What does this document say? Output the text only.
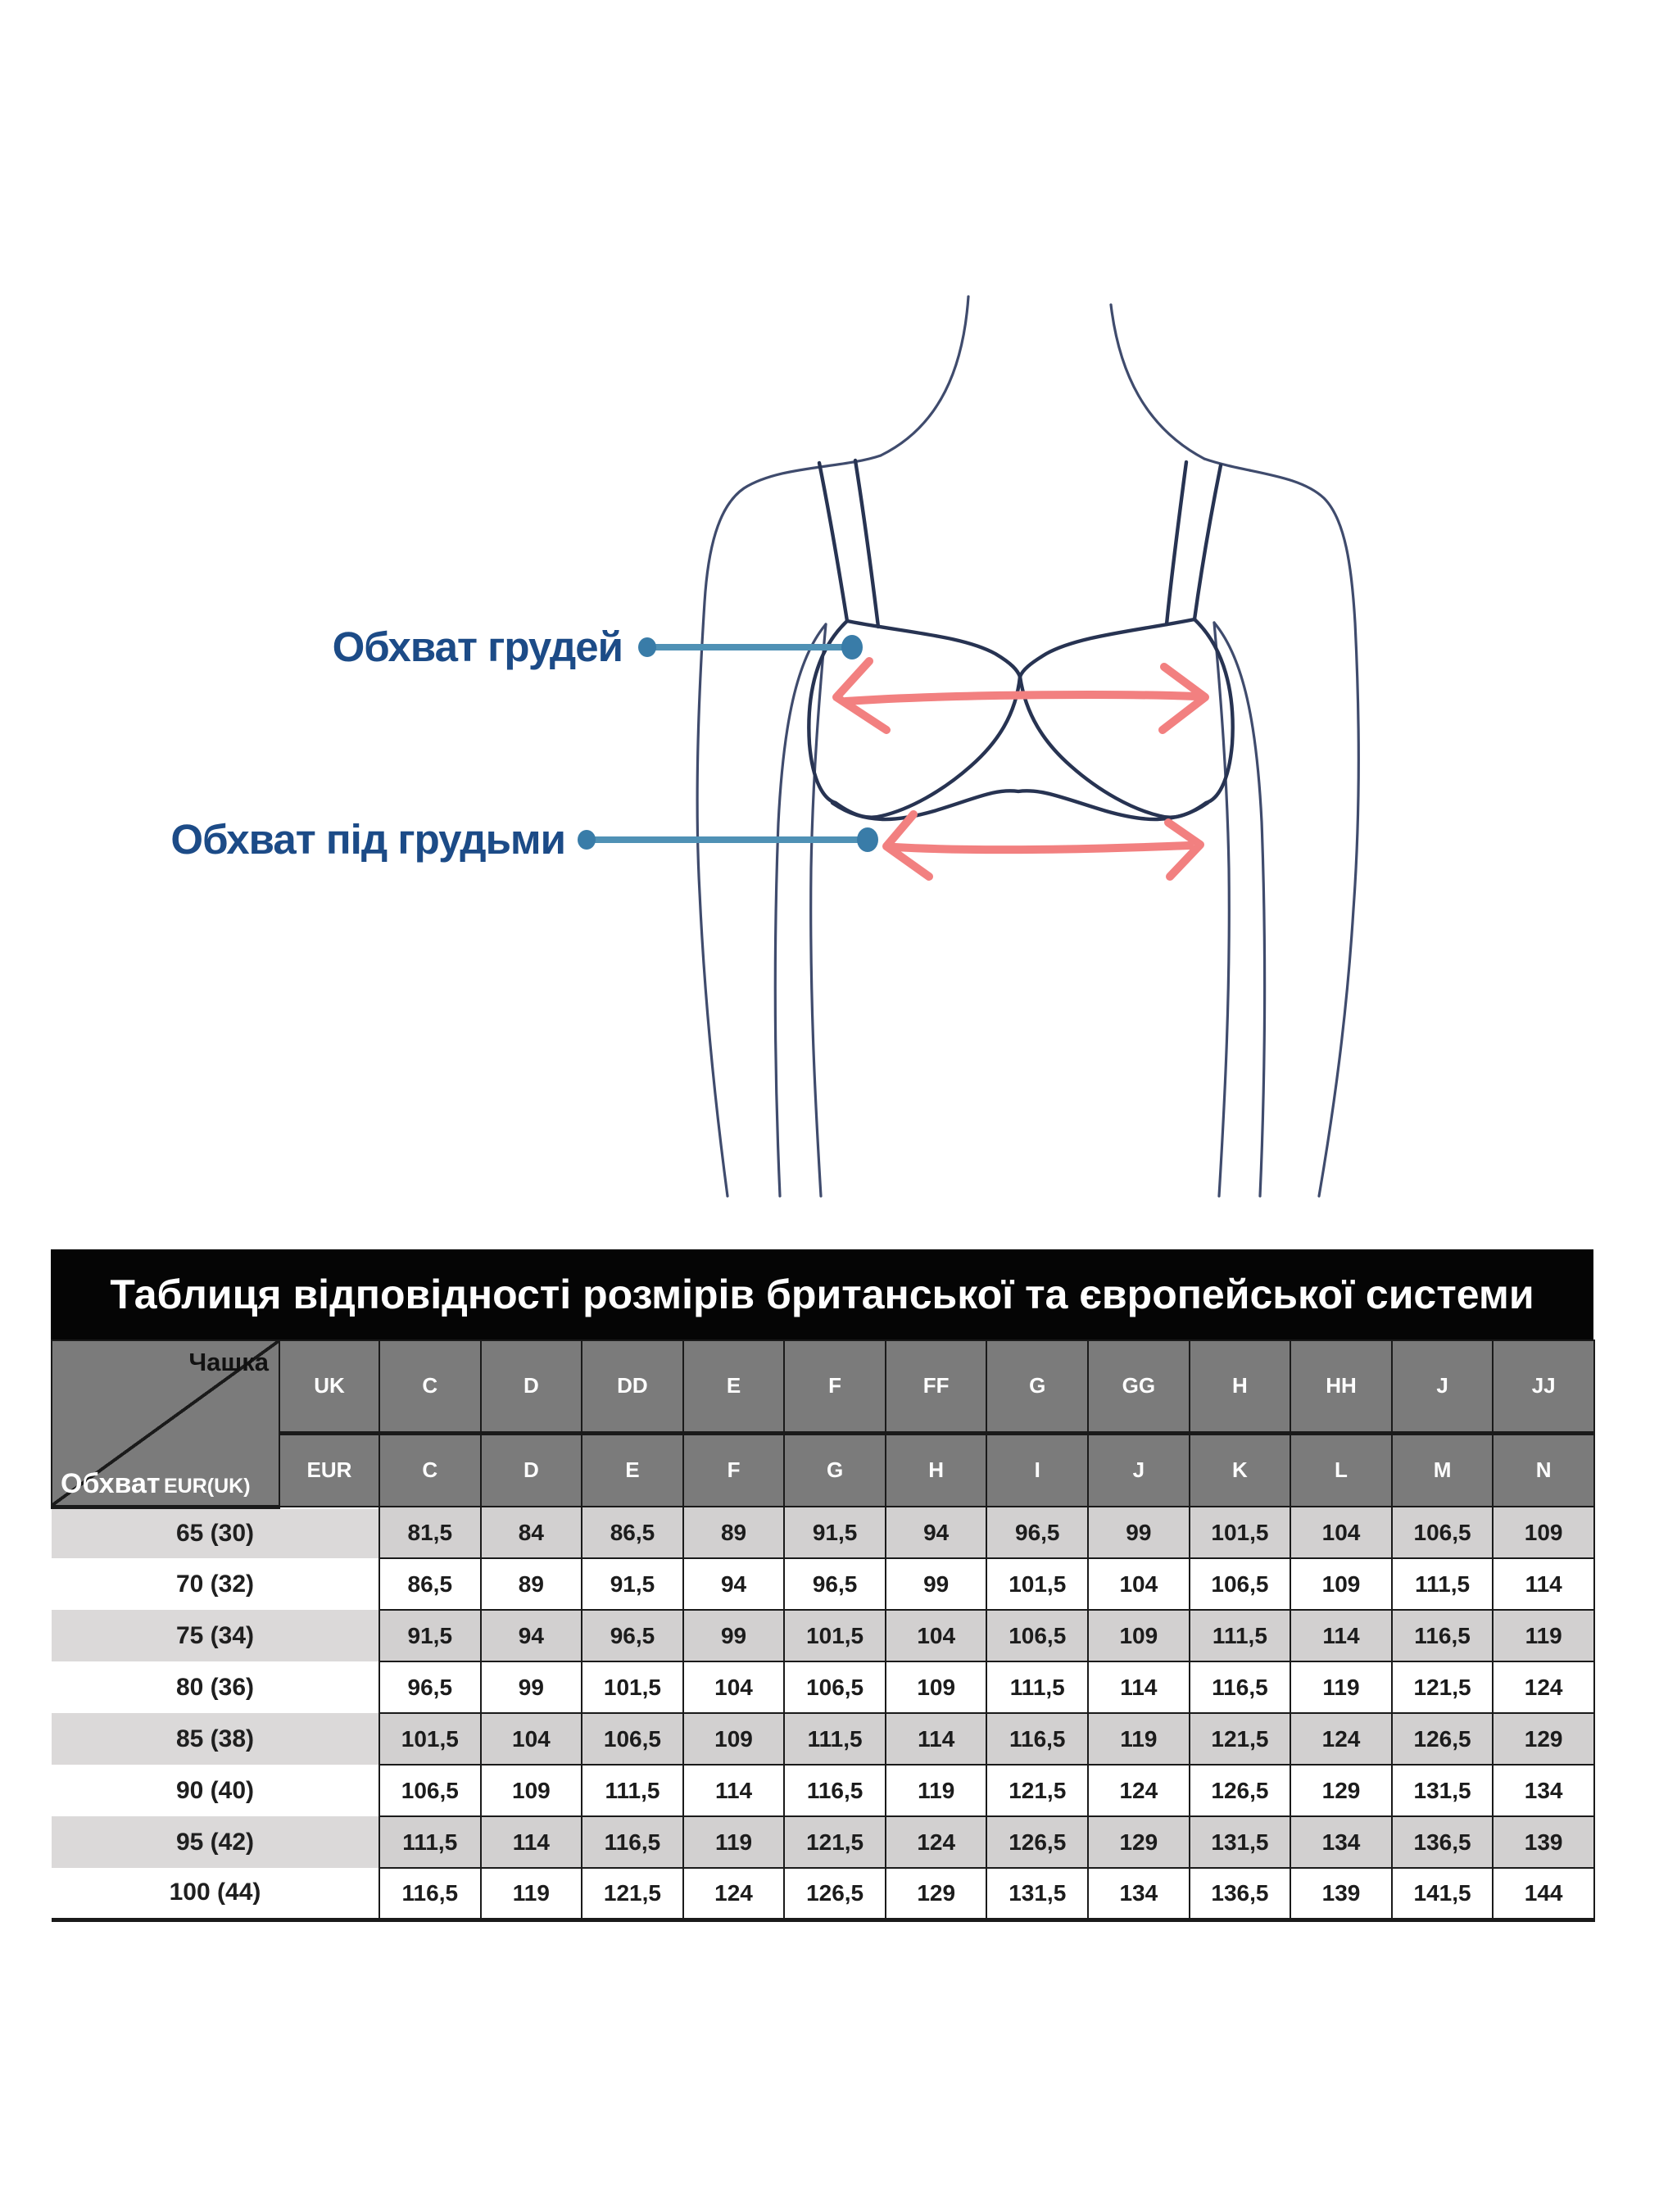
Обхват грудей
Обхват під грудьми
Таблиця відповідності розмірів британської та європейської системи
Чашка
Обхват EUR(UK)	UK	C	D	DD	E	F	FF	G	GG	H	HH	J	JJ
	EUR	C	D	E	F	G	H	I	J	K	L	M	N
65 (30)		81,5	84	86,5	89	91,5	94	96,5	99	101,5	104	106,5	109
70 (32)		86,5	89	91,5	94	96,5	99	101,5	104	106,5	109	111,5	114
75 (34)		91,5	94	96,5	99	101,5	104	106,5	109	111,5	114	116,5	119
80 (36)		96,5	99	101,5	104	106,5	109	111,5	114	116,5	119	121,5	124
85 (38)		101,5	104	106,5	109	111,5	114	116,5	119	121,5	124	126,5	129
90 (40)		106,5	109	111,5	114	116,5	119	121,5	124	126,5	129	131,5	134
95 (42)		111,5	114	116,5	119	121,5	124	126,5	129	131,5	134	136,5	139
100 (44)		116,5	119	121,5	124	126,5	129	131,5	134	136,5	139	141,5	144
